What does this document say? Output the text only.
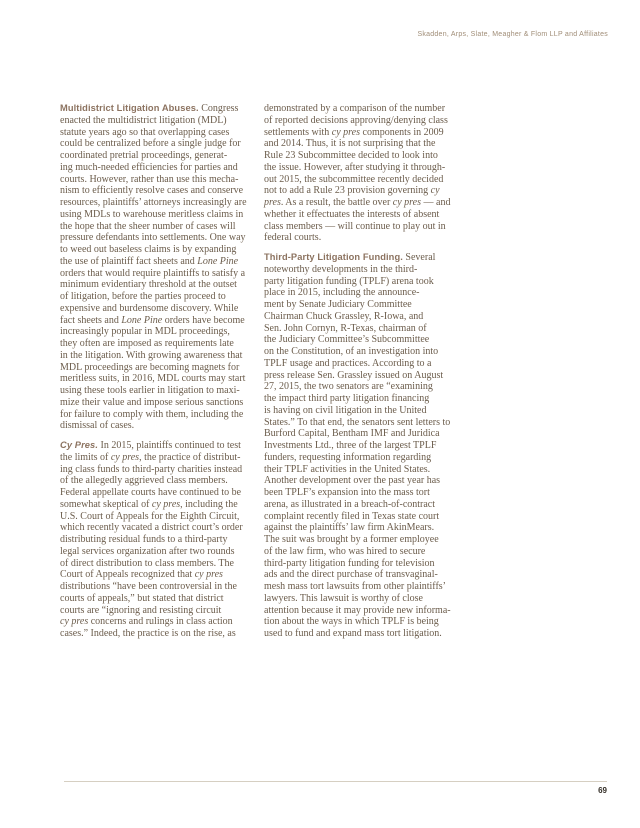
Skadden, Arps, Slate, Meagher & Flom LLP and Affiliates
Multidistrict Litigation Abuses. Congress
enacted the multidistrict litigation (MDL)
statute years ago so that overlapping cases
could be centralized before a single judge for
coordinated pretrial proceedings, generat-
ing much-needed efficiencies for parties and
courts. However, rather than use this mecha-
nism to efficiently resolve cases and conserve
resources, plaintiffs’ attorneys increasingly are
using MDLs to warehouse meritless claims in
the hope that the sheer number of cases will
pressure defendants into settlements. One way
to weed out baseless claims is by expanding
the use of plaintiff fact sheets and Lone Pine
orders that would require plaintiffs to satisfy a
minimum evidentiary threshold at the outset
of litigation, before the parties proceed to
expensive and burdensome discovery. While
fact sheets and Lone Pine orders have become
increasingly popular in MDL proceedings,
they often are imposed as requirements late
in the litigation. With growing awareness that
MDL proceedings are becoming magnets for
meritless suits, in 2016, MDL courts may start
using these tools earlier in litigation to maxi-
mize their value and impose serious sanctions
for failure to comply with them, including the
dismissal of cases.
Cy Pres. In 2015, plaintiffs continued to test
the limits of cy pres, the practice of distribut-
ing class funds to third-party charities instead
of the allegedly aggrieved class members.
Federal appellate courts have continued to be
somewhat skeptical of cy pres, including the
U.S. Court of Appeals for the Eighth Circuit,
which recently vacated a district court’s order
distributing residual funds to a third-party
legal services organization after two rounds
of direct distribution to class members. The
Court of Appeals recognized that cy pres
distributions “have been controversial in the
courts of appeals,” but stated that district
courts are “ignoring and resisting circuit
cy pres concerns and rulings in class action
cases.” Indeed, the practice is on the rise, as
demonstrated by a comparison of the number
of reported decisions approving/denying class
settlements with cy pres components in 2009
and 2014. Thus, it is not surprising that the
Rule 23 Subcommittee decided to look into
the issue. However, after studying it through-
out 2015, the subcommittee recently decided
not to add a Rule 23 provision governing cy
pres. As a result, the battle over cy pres — and
whether it effectuates the interests of absent
class members — will continue to play out in
federal courts.
Third-Party Litigation Funding. Several
noteworthy developments in the third-
party litigation funding (TPLF) arena took
place in 2015, including the announce-
ment by Senate Judiciary Committee
Chairman Chuck Grassley, R-Iowa, and
Sen. John Cornyn, R-Texas, chairman of
the Judiciary Committee’s Subcommittee
on the Constitution, of an investigation into
TPLF usage and practices. According to a
press release Sen. Grassley issued on August
27, 2015, the two senators are “examining
the impact third party litigation financing
is having on civil litigation in the United
States.” To that end, the senators sent letters to
Burford Capital, Bentham IMF and Juridica
Investments Ltd., three of the largest TPLF
funders, requesting information regarding
their TPLF activities in the United States.
Another development over the past year has
been TPLF’s expansion into the mass tort
arena, as illustrated in a breach-of-contract
complaint recently filed in Texas state court
against the plaintiffs’ law firm AkinMears.
The suit was brought by a former employee
of the law firm, who was hired to secure
third-party litigation funding for television
ads and the direct purchase of transvaginal-
mesh mass tort lawsuits from other plaintiffs’
lawyers. This lawsuit is worthy of close
attention because it may provide new informa-
tion about the ways in which TPLF is being
used to fund and expand mass tort litigation.
69
